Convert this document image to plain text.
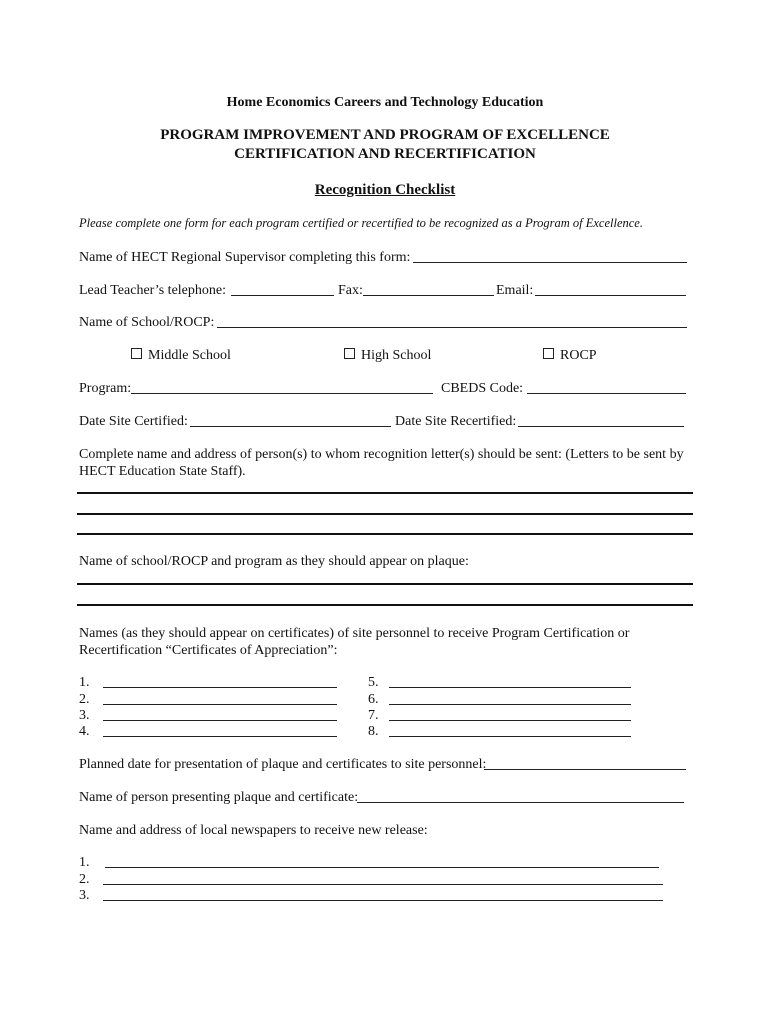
Home Economics Careers and Technology Education
PROGRAM IMPROVEMENT AND PROGRAM OF EXCELLENCE
CERTIFICATION AND RECERTIFICATION
Recognition Checklist
Please complete one form for each program certified or recertified to be recognized as a Program of Excellence.
Name of HECT Regional Supervisor completing this form:
Lead Teacher’s telephone:	Fax:	Email:
Name of School/ROCP:
Middle School	High School	ROCP
Program:	CBEDS Code:
Date Site Certified:	Date Site Recertified:
Complete name and address of person(s) to whom recognition letter(s) should be sent: (Letters to be sent by
HECT Education State Staff).
Name of school/ROCP and program as they should appear on plaque:
Names (as they should appear on certificates) of site personnel to receive Program Certification or
Recertification “Certificates of Appreciation”:
1.
2.
3.
4.
5.
6.
7.
8.
Planned date for presentation of plaque and certificates to site personnel:
Name of person presenting plaque and certificate:
Name and address of local newspapers to receive new release:
1.
2.
3.
